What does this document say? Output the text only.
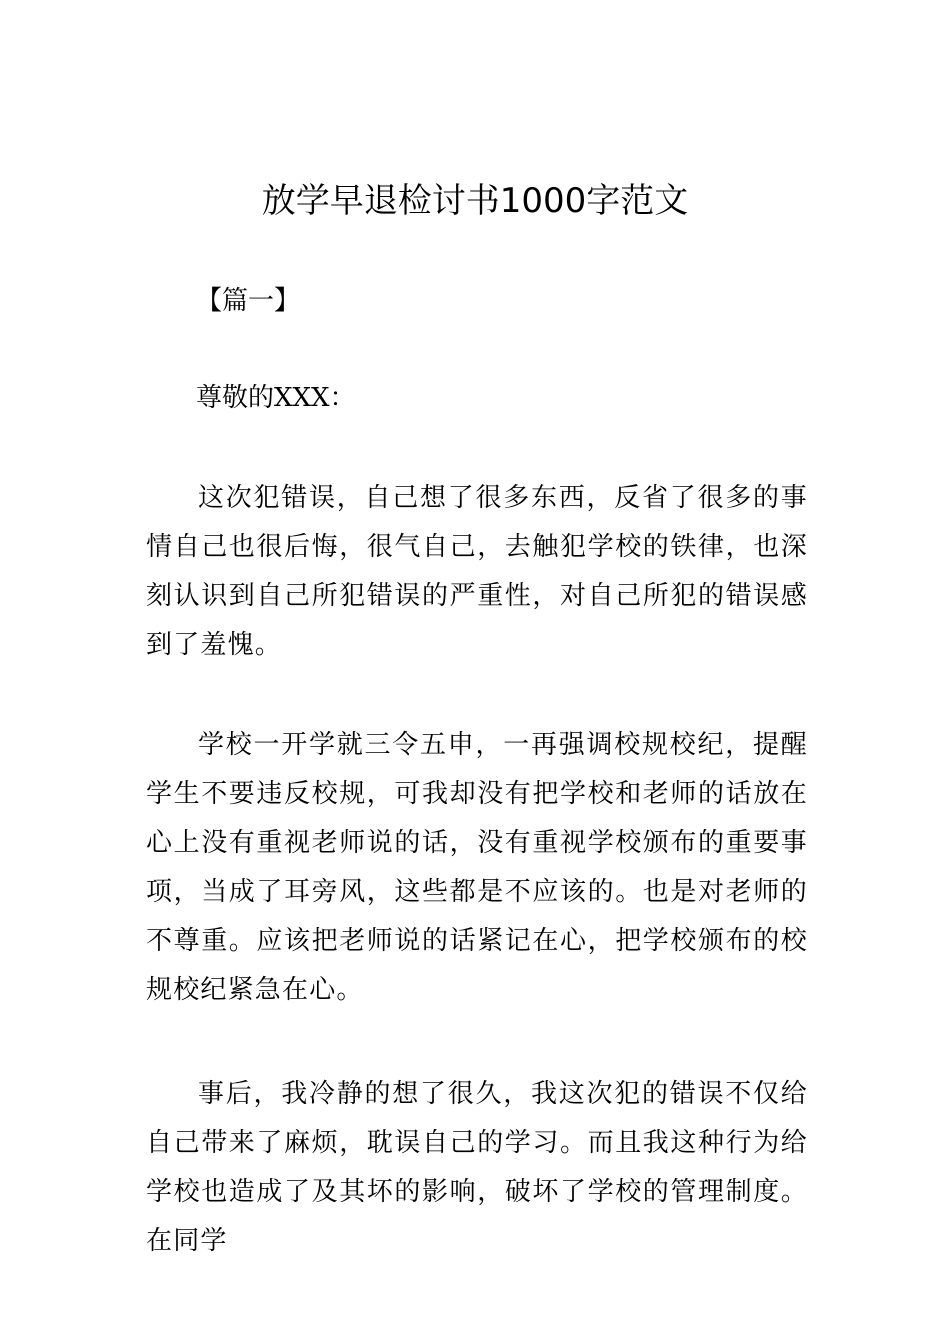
放学早退检讨书1000字范文
【篇一】
尊敬的XXX：

这次犯错误，自己想了很多东西，反省了很多的事情自己也很后悔，很气自己，去触犯学校的铁律，也深刻认识到自己所犯错误的严重性，对自己所犯的错误感到了羞愧。

学校一开学就三令五申，一再强调校规校纪，提醒学生不要违反校规，可我却没有把学校和老师的话放在心上没有重视老师说的话，没有重视学校颁布的重要事项，当成了耳旁风，这些都是不应该的。也是对老师的不尊重。应该把老师说的话紧记在心，把学校颁布的校规校纪紧急在心。

事后，我冷静的想了很久，我这次犯的错误不仅给自己带来了麻烦，耽误自己的学习。而且我这种行为给学校也造成了及其坏的影响，破坏了学校的管理制度。在同学
